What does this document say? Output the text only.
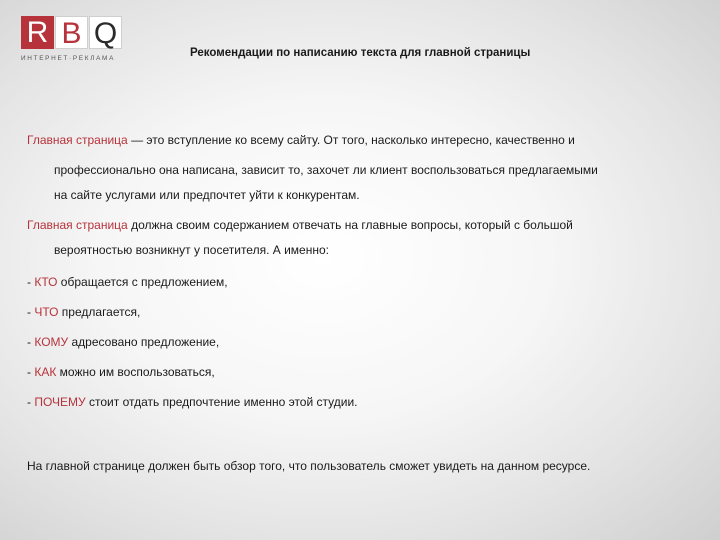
R B Q
ИНТЕРНЕТ·РЕКЛАМА	Рекомендации по написанию текста для главной страницы
Главная страница — это вступление ко всему сайту. От того, насколько интересно, качественно и
профессионально она написана, зависит то, захочет ли клиент воспользоваться предлагаемыми
на сайте услугами или предпочтет уйти к конкурентам.
Главная страница должна своим содержанием отвечать на главные вопросы, который с большой
вероятностью возникнут у посетителя. А именно:
- КТО обращается с предложением,
- ЧТО предлагается,
- КОМУ адресовано предложение,
- КАК можно им воспользоваться,
- ПОЧЕМУ стоит отдать предпочтение именно этой студии.
На главной странице должен быть обзор того, что пользователь сможет увидеть на данном ресурсе.
